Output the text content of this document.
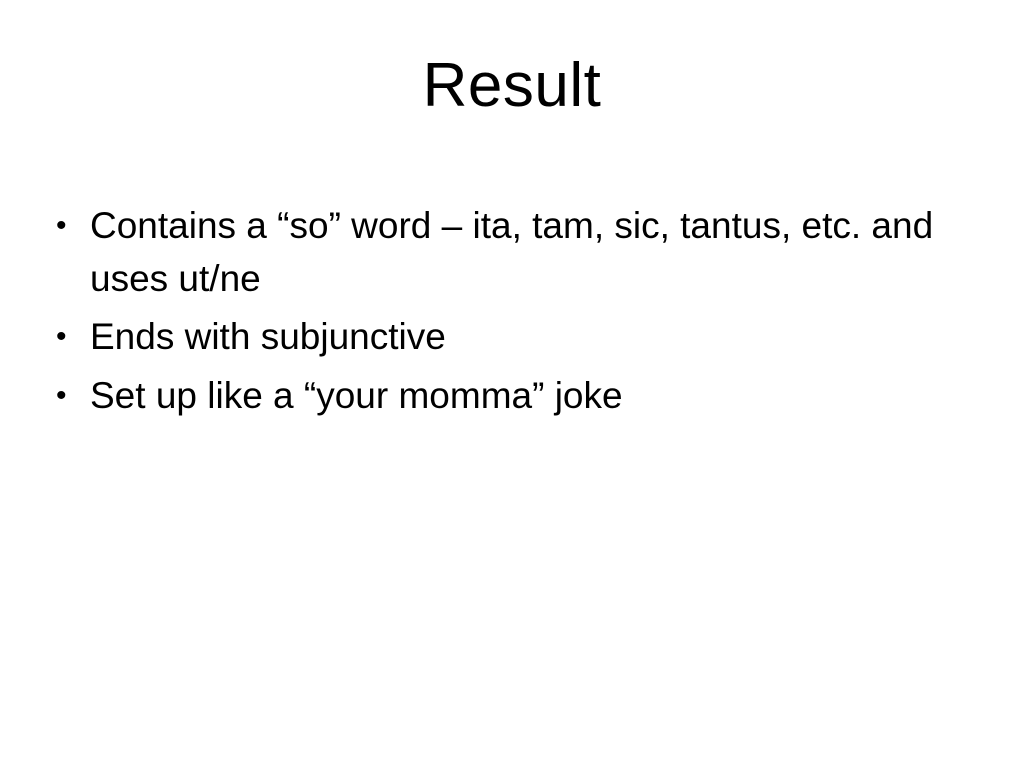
Result
• Contains a “so” word – ita, tam, sic, tantus, etc. and uses ut/ne
• Ends with subjunctive
• Set up like a “your momma” joke
